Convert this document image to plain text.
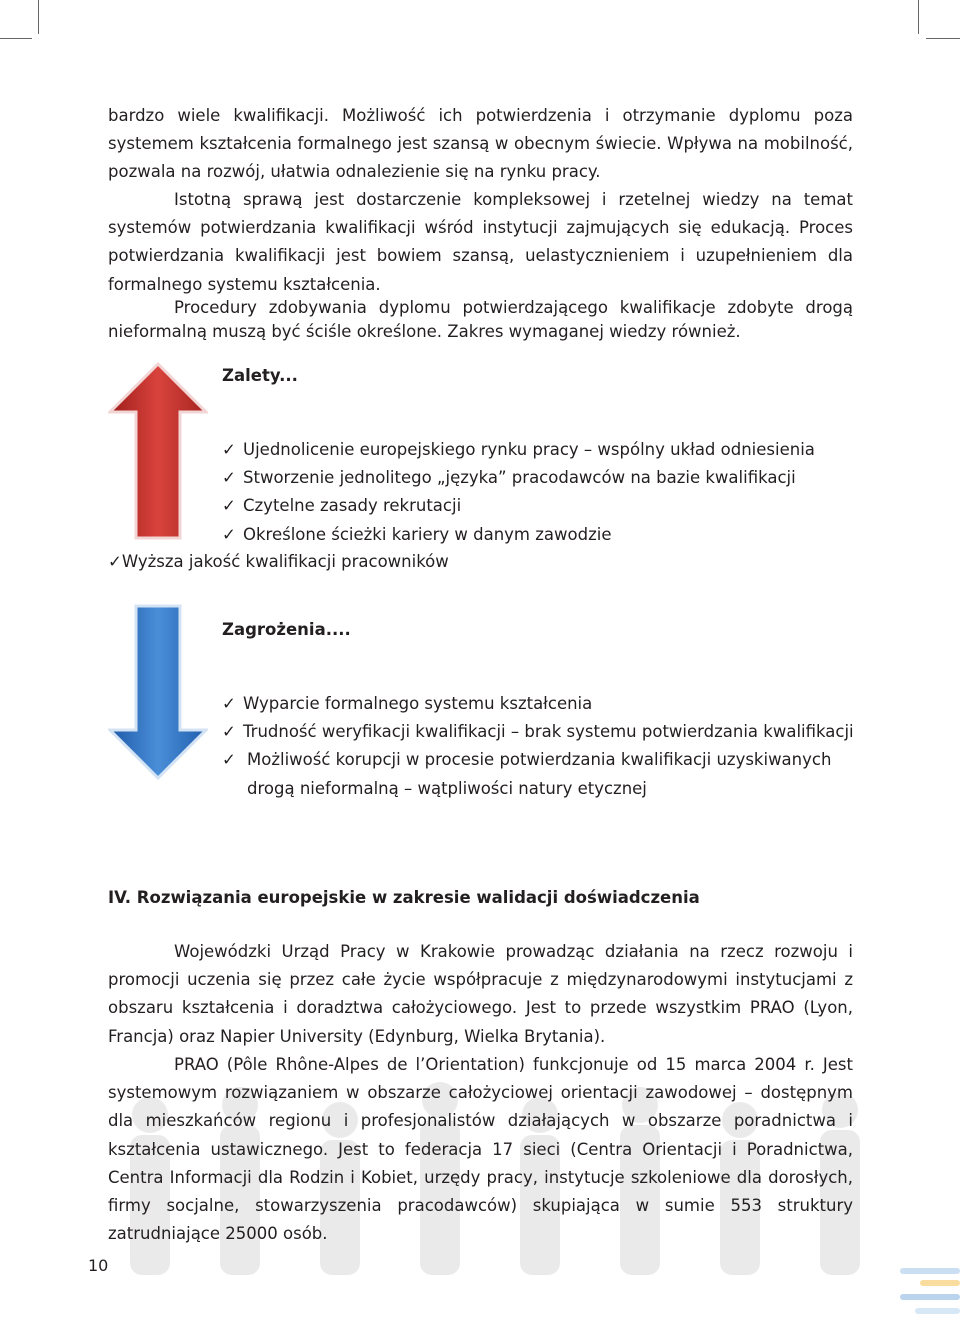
bardzo wiele kwalifikacji. Możliwość ich potwierdzenia i otrzymanie dyplomu poza systemem kształcenia formalnego jest szansą w obecnym świecie. Wpływa na mobilność, pozwala na rozwój, ułatwia odnalezienie się na rynku pracy.

Istotną sprawą jest dostarczenie kompleksowej i rzetelnej wiedzy na temat systemów potwierdzania kwalifikacji wśród instytucji zajmujących się edukacją. Proces potwierdzania kwalifikacji jest bowiem szansą, uelastycznieniem i uzupełnieniem dla formalnego systemu kształcenia.

Procedury zdobywania dyplomu potwierdzającego kwalifikacje zdobyte drogą nieformalną muszą być ściśle określone. Zakres wymaganej wiedzy również.

Zalety...
✓ Ujednolicenie europejskiego rynku pracy – wspólny układ odniesienia
✓ Stworzenie jednolitego „języka” pracodawców na bazie kwalifikacji
✓ Czytelne zasady rekrutacji
✓ Określone ścieżki kariery w danym zawodzie
✓Wyższa jakość kwalifikacji pracowników
Zagrożenia....
✓ Wyparcie formalnego systemu kształcenia
✓ Trudność weryfikacji kwalifikacji – brak systemu potwierdzania kwalifikacji
✓ Możliwość korupcji w procesie potwierdzania kwalifikacji uzyskiwanych drogą nieformalną – wątpliwości natury etycznej
IV. Rozwiązania europejskie w zakresie walidacji doświadczenia

Wojewódzki Urząd Pracy w Krakowie prowadząc działania na rzecz rozwoju i promocji uczenia się przez całe życie współpracuje z międzynarodowymi instytucjami z obszaru kształcenia i doradztwa całożyciowego. Jest to przede wszystkim PRAO (Lyon, Francja) oraz Napier University (Edynburg, Wielka Brytania).

PRAO (Pôle Rhône-Alpes de l’Orientation) funkcjonuje od 15 marca 2004 r. Jest systemowym rozwiązaniem w obszarze całożyciowej orientacji zawodowej – dostępnym dla mieszkańców regionu i profesjonalistów działających w obszarze poradnictwa i kształcenia ustawicznego. Jest to federacja 17 sieci (Centra Orientacji i Poradnictwa, Centra Informacji dla Rodzin i Kobiet, urzędy pracy, instytucje szkoleniowe dla dorosłych, firmy socjalne, stowarzyszenia pracodawców) skupiająca w sumie 553 struktury zatrudniające 25000 osób.

10
